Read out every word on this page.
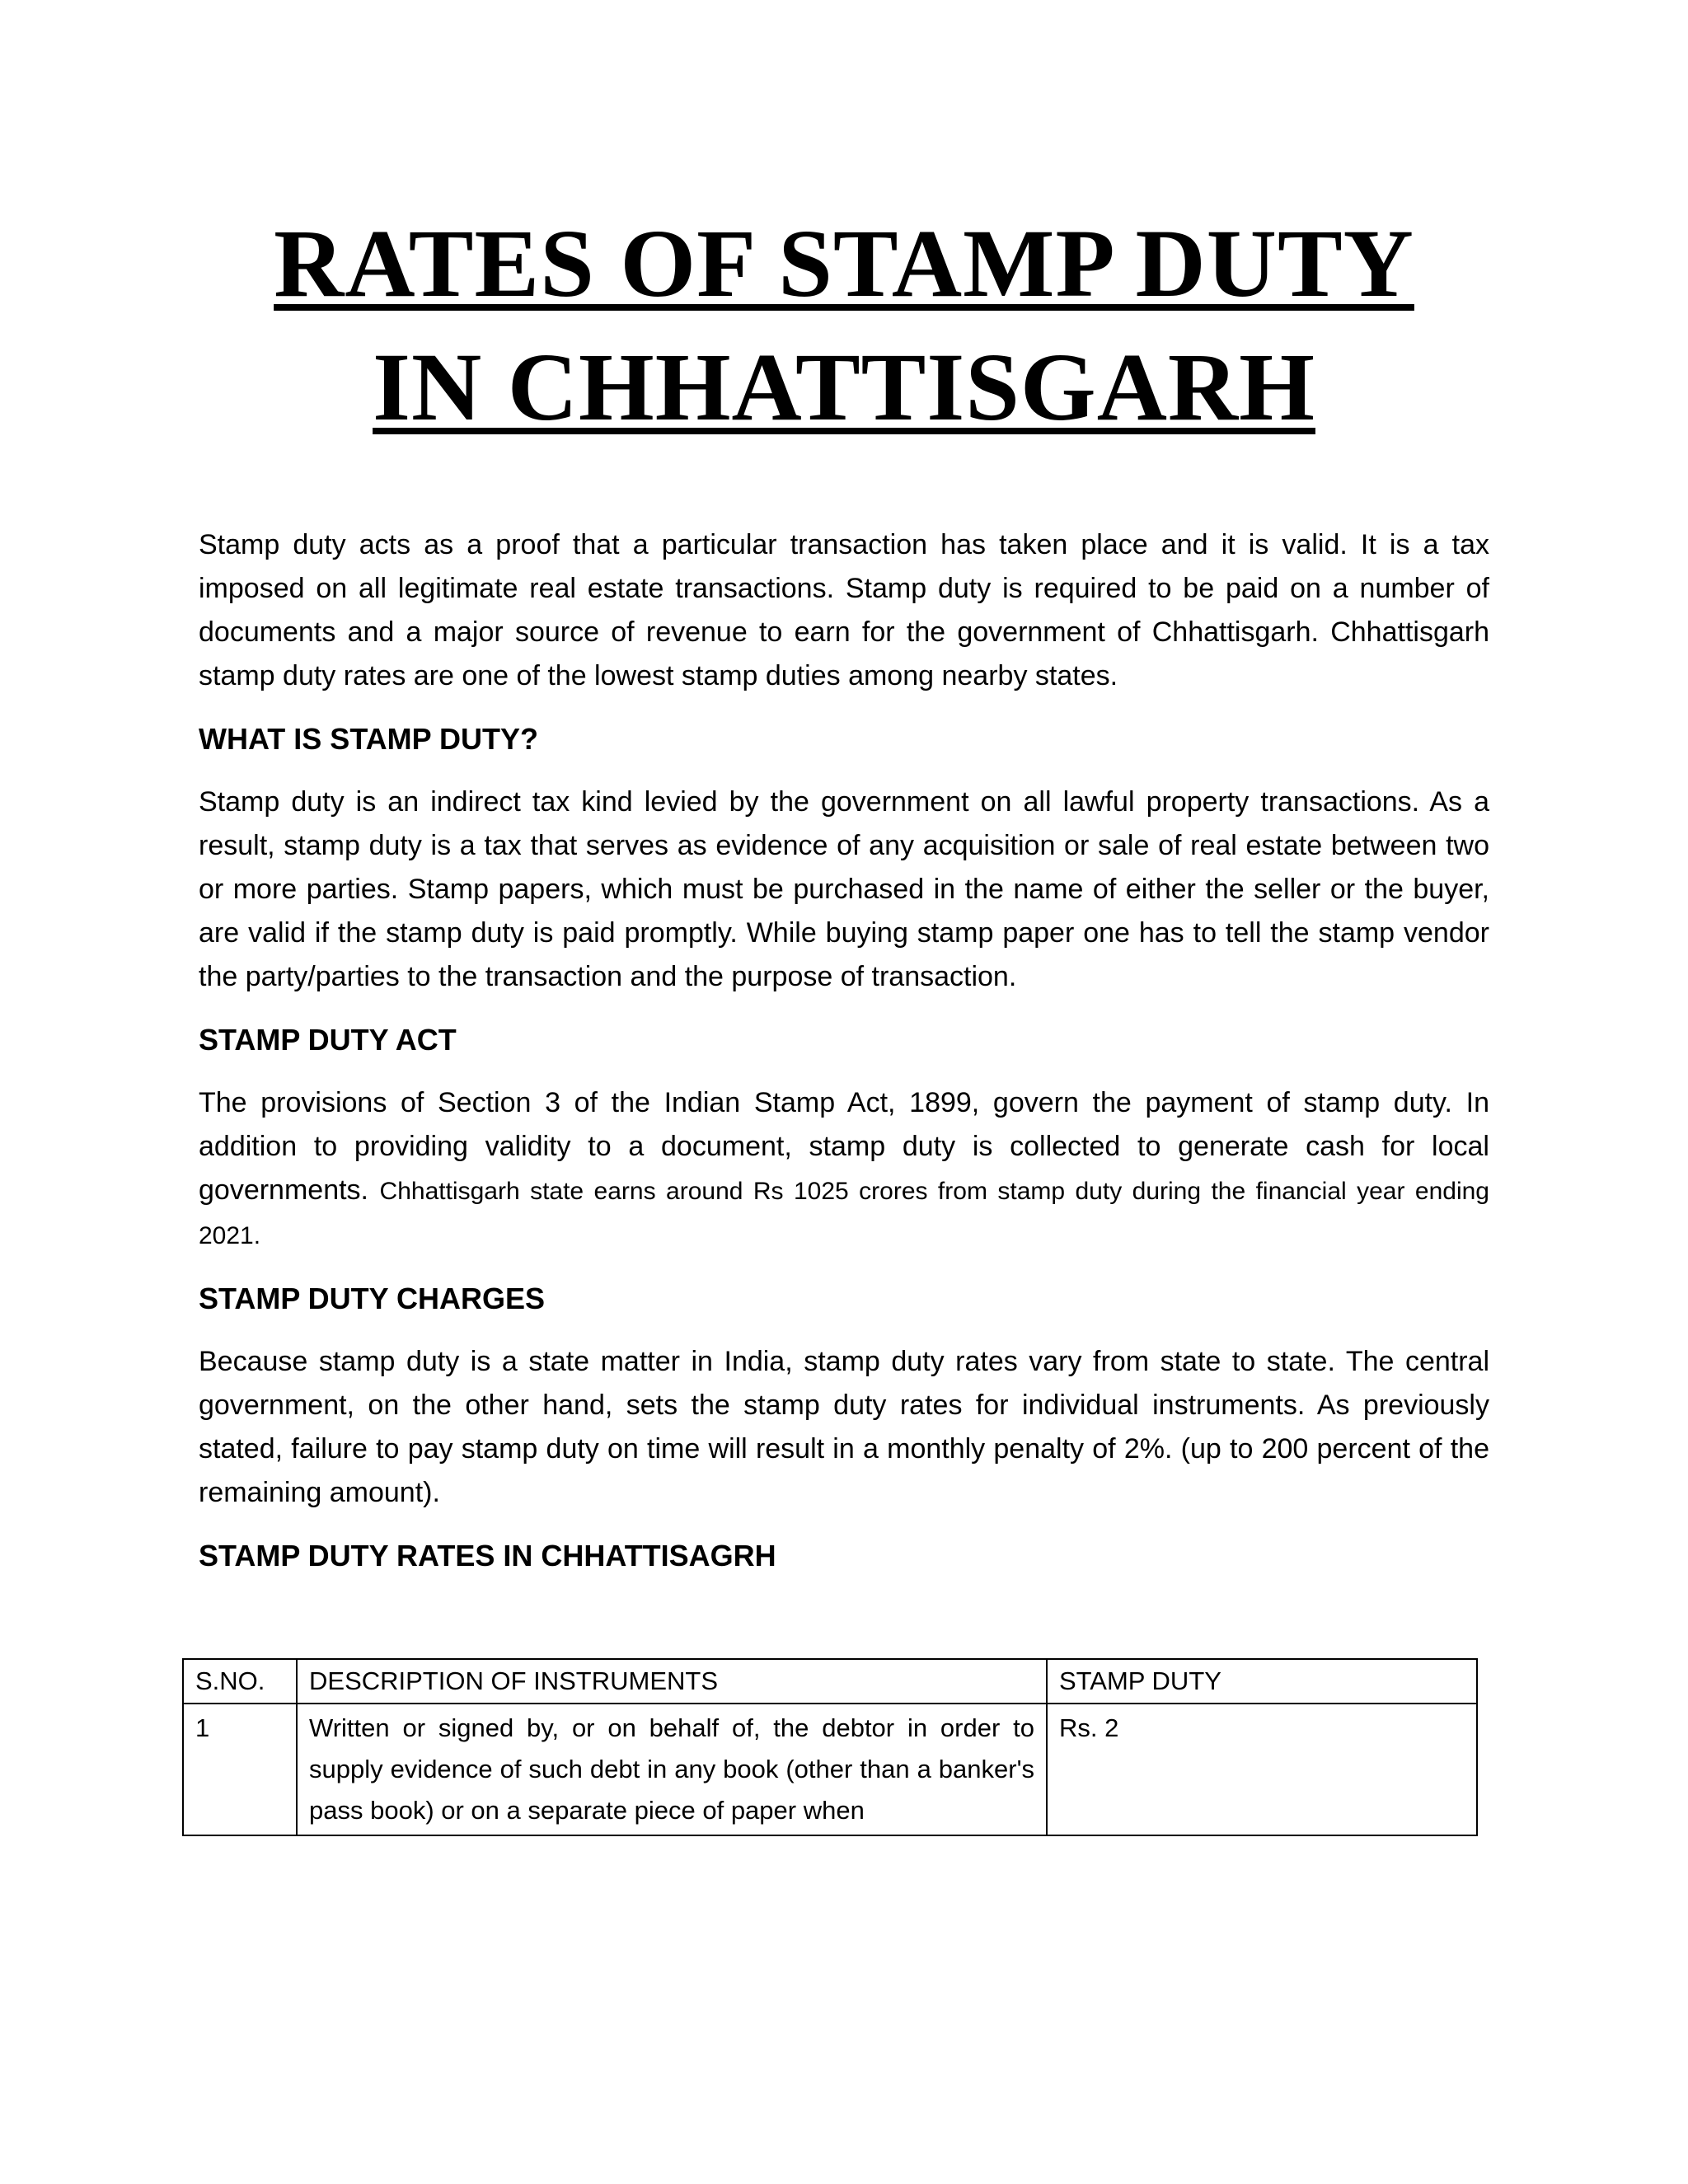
RATES OF STAMP DUTY
IN CHHATTISGARH

Stamp duty acts as a proof that a particular transaction has taken place and it is valid. It is a tax imposed on all legitimate real estate transactions. Stamp duty is required to be paid on a number of documents and a major source of revenue to earn for the government of Chhattisgarh. Chhattisgarh stamp duty rates are one of the lowest stamp duties among nearby states.

WHAT IS STAMP DUTY?

Stamp duty is an indirect tax kind levied by the government on all lawful property transactions. As a result, stamp duty is a tax that serves as evidence of any acquisition or sale of real estate between two or more parties. Stamp papers, which must be purchased in the name of either the seller or the buyer, are valid if the stamp duty is paid promptly. While buying stamp paper one has to tell the stamp vendor the party/parties to the transaction and the purpose of transaction.

STAMP DUTY ACT

The provisions of Section 3 of the Indian Stamp Act, 1899, govern the payment of stamp duty. In addition to providing validity to a document, stamp duty is collected to generate cash for local governments. Chhattisgarh state earns around Rs 1025 crores from stamp duty during the financial year ending 2021.

STAMP DUTY CHARGES

Because stamp duty is a state matter in India, stamp duty rates vary from state to state. The central government, on the other hand, sets the stamp duty rates for individual instruments. As previously stated, failure to pay stamp duty on time will result in a monthly penalty of 2%. (up to 200 percent of the remaining amount).

STAMP DUTY RATES IN CHHATTISAGRH
S.NO.	DESCRIPTION OF INSTRUMENTS	STAMP DUTY
1	Written or signed by, or on behalf of, the debtor in order to supply evidence of such debt in any book (other than a banker's pass book) or on a separate piece of paper when	Rs. 2
